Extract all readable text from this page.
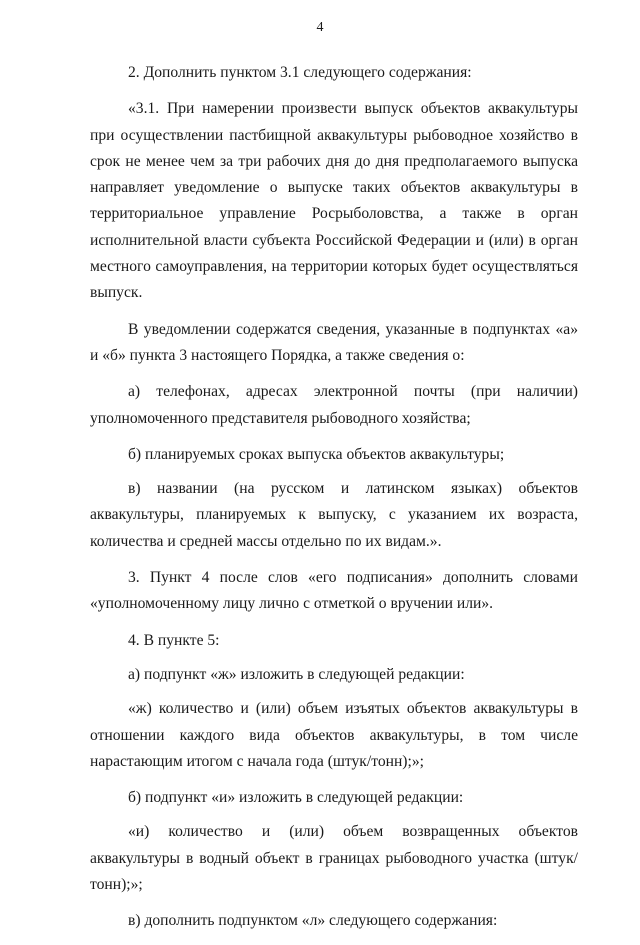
4

2. Дополнить пунктом 3.1 следующего содержания:

«3.1. При намерении произвести выпуск объектов аквакультуры при осуществлении пастбищной аквакультуры рыбоводное хозяйство в срок не менее чем за три рабочих дня до дня предполагаемого выпуска направляет уведомление о выпуске таких объектов аквакультуры в территориальное управление Росрыболовства, а также в орган исполнительной власти субъекта Российской Федерации и (или) в орган местного самоуправления, на территории которых будет осуществляться выпуск.

В уведомлении содержатся сведения, указанные в подпунктах «а» и «б» пункта 3 настоящего Порядка, а также сведения о:

а) телефонах, адресах электронной почты (при наличии) уполномоченного представителя рыбоводного хозяйства;

б) планируемых сроках выпуска объектов аквакультуры;

в) названии (на русском и латинском языках) объектов аквакультуры, планируемых к выпуску, с указанием их возраста, количества и средней массы отдельно по их видам.».

3. Пункт 4 после слов «его подписания» дополнить словами «уполномоченному лицу лично с отметкой о вручении или».

4. В пункте 5:

а) подпункт «ж» изложить в следующей редакции:

«ж) количество и (или) объем изъятых объектов аквакультуры в отношении каждого вида объектов аквакультуры, в том числе нарастающим итогом с начала года (штук/тонн);»;

б) подпункт «и» изложить в следующей редакции:

«и) количество и (или) объем возвращенных объектов аквакультуры в водный объект в границах рыбоводного участка (штук/тонн);»;

в) дополнить подпунктом «л» следующего содержания:
